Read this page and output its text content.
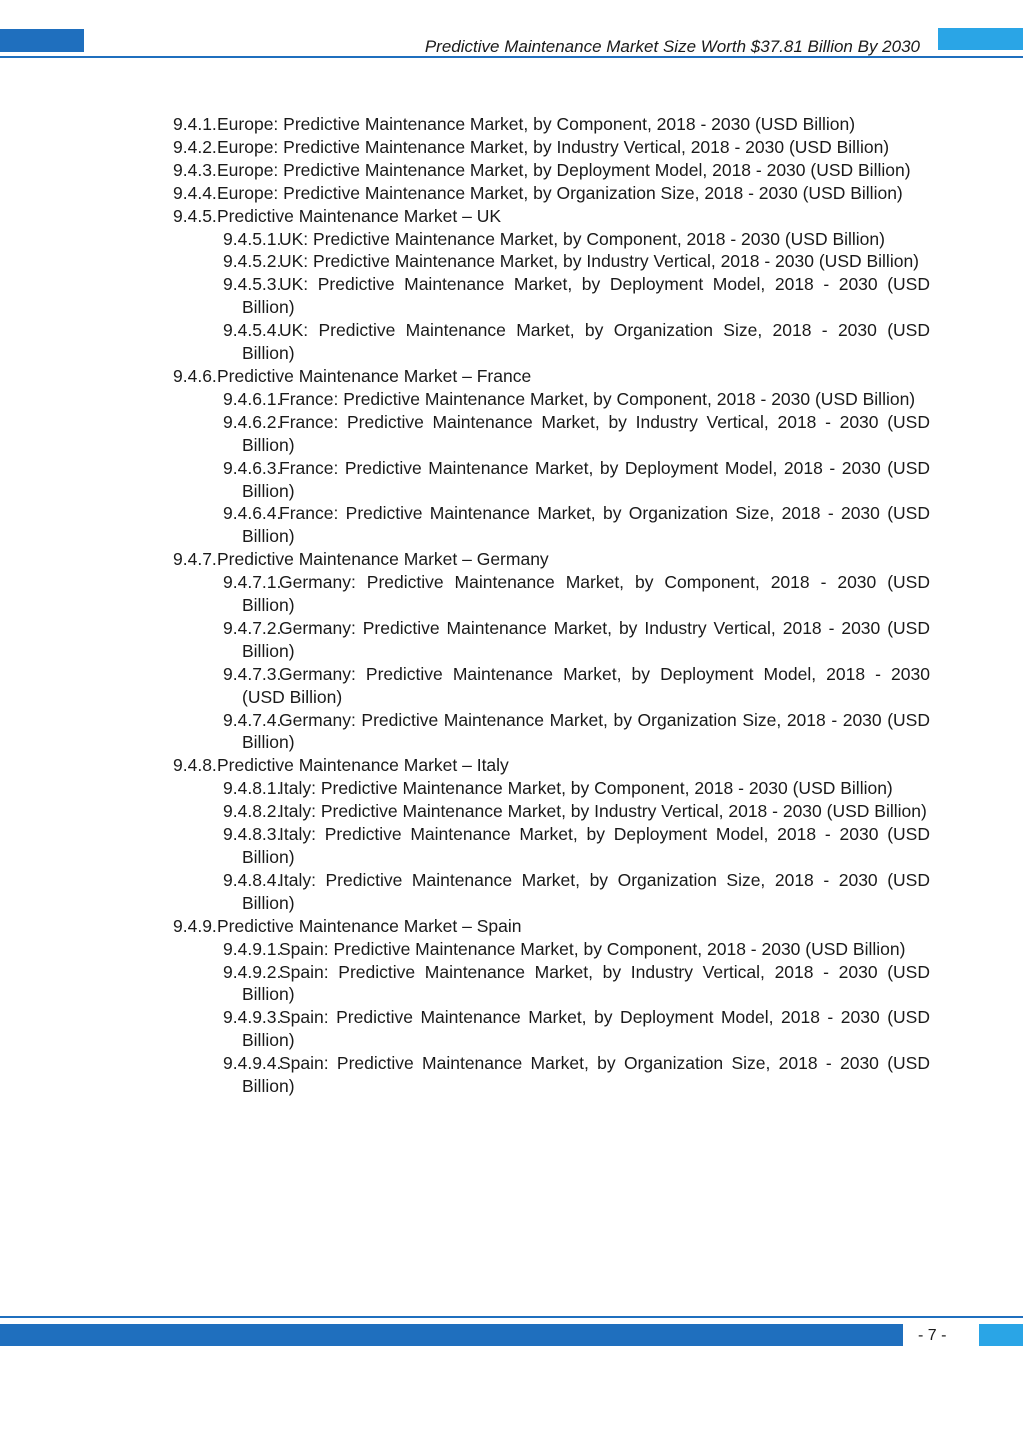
Predictive Maintenance Market Size Worth $37.81 Billion By 2030
9.4.1. Europe: Predictive Maintenance Market, by Component, 2018 - 2030 (USD Billion)
9.4.2. Europe: Predictive Maintenance Market, by Industry Vertical, 2018 - 2030 (USD Billion)
9.4.3. Europe: Predictive Maintenance Market, by Deployment Model, 2018 - 2030 (USD Billion)
9.4.4. Europe: Predictive Maintenance Market, by Organization Size, 2018 - 2030 (USD Billion)
9.4.5. Predictive Maintenance Market – UK
9.4.5.1.
UK: Predictive Maintenance Market, by Component, 2018 - 2030 (USD Billion)
9.4.5.2.
UK: Predictive Maintenance Market, by Industry Vertical, 2018 - 2030 (USD Billion)
9.4.5.3.
UK: Predictive Maintenance Market, by Deployment Model, 2018 - 2030 (USD Billion)
9.4.5.4.
UK: Predictive Maintenance Market, by Organization Size, 2018 - 2030 (USD Billion)
9.4.6. Predictive Maintenance Market – France
9.4.6.1.
France: Predictive Maintenance Market, by Component, 2018 - 2030 (USD Billion)
9.4.6.2.
France: Predictive Maintenance Market, by Industry Vertical, 2018 - 2030 (USD Billion)
9.4.6.3.
France: Predictive Maintenance Market, by Deployment Model, 2018 - 2030 (USD Billion)
9.4.6.4.
France: Predictive Maintenance Market, by Organization Size, 2018 - 2030 (USD Billion)
9.4.7. Predictive Maintenance Market – Germany
9.4.7.1.
Germany: Predictive Maintenance Market, by Component, 2018 - 2030 (USD Billion)
9.4.7.2.
Germany: Predictive Maintenance Market, by Industry Vertical, 2018 - 2030 (USD Billion)
9.4.7.3.
Germany: Predictive Maintenance Market, by Deployment Model, 2018 - 2030 (USD Billion)
9.4.7.4.
Germany: Predictive Maintenance Market, by Organization Size, 2018 - 2030 (USD Billion)
9.4.8. Predictive Maintenance Market – Italy
9.4.8.1.
Italy: Predictive Maintenance Market, by Component, 2018 - 2030 (USD Billion)
9.4.8.2.
Italy: Predictive Maintenance Market, by Industry Vertical, 2018 - 2030 (USD Billion)
9.4.8.3.
Italy: Predictive Maintenance Market, by Deployment Model, 2018 - 2030 (USD Billion)
9.4.8.4.
Italy: Predictive Maintenance Market, by Organization Size, 2018 - 2030 (USD Billion)
9.4.9. Predictive Maintenance Market – Spain
9.4.9.1.
Spain: Predictive Maintenance Market, by Component, 2018 - 2030 (USD Billion)
9.4.9.2.
Spain: Predictive Maintenance Market, by Industry Vertical, 2018 - 2030 (USD Billion)
9.4.9.3.
Spain: Predictive Maintenance Market, by Deployment Model, 2018 - 2030 (USD Billion)
9.4.9.4.
Spain: Predictive Maintenance Market, by Organization Size, 2018 - 2030 (USD Billion)
- 7 -
